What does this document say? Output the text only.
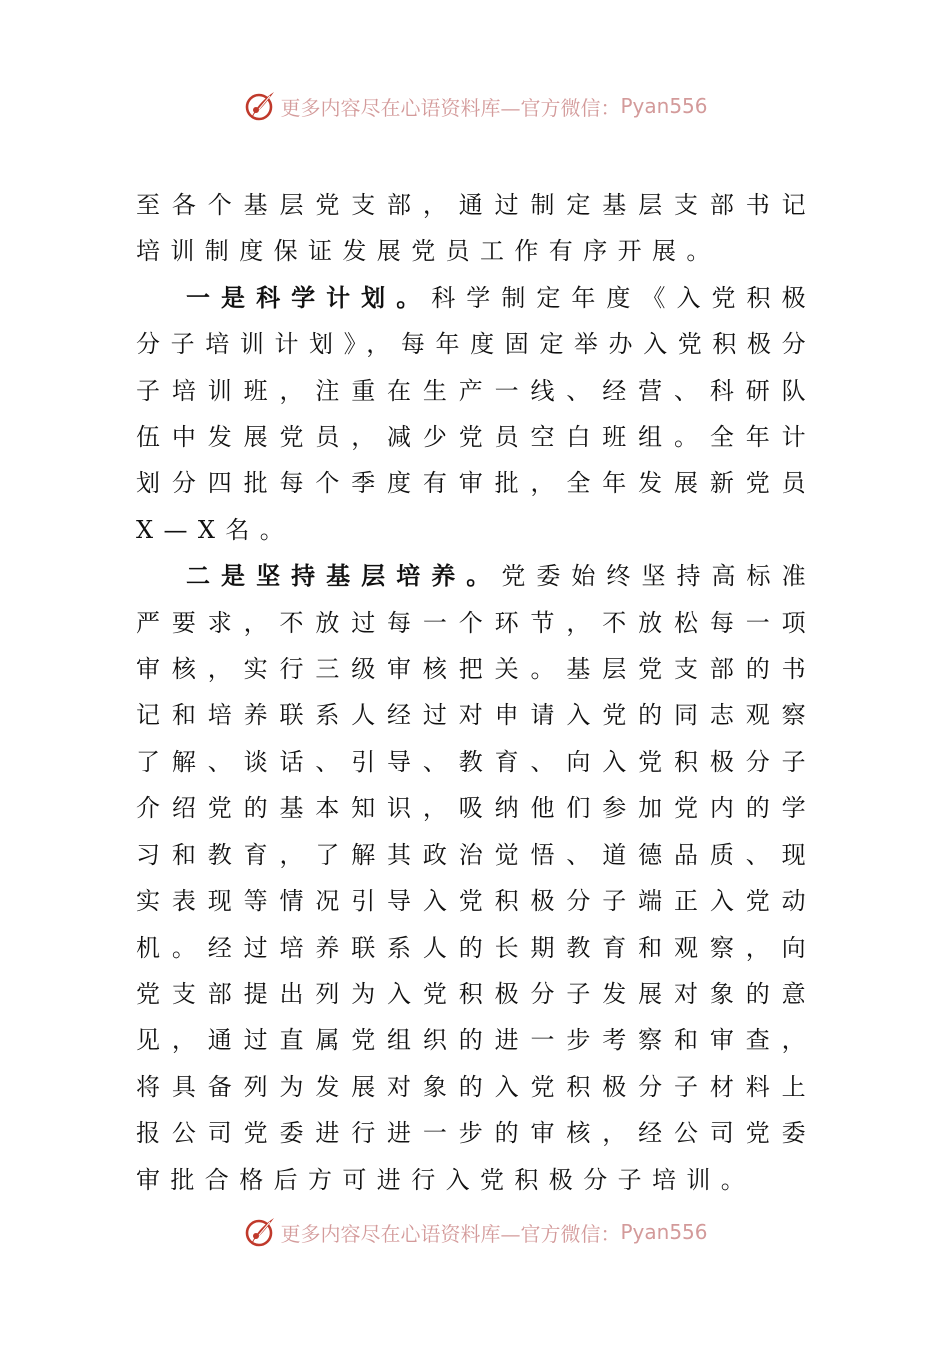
更多内容尽在心语资料库—官方微信： Pyan556

至各个基层党支部，通过制定基层支部书记培训制度保证发展党员工作有序开展。

一是科学计划。科学制定年度《入党积极分子培训计划》，每年度固定举办入党积极分子培训班，注重在生产一线、经营、科研队伍中发展党员，减少党员空白班组。全年计划分四批每个季度有审批，全年发展新党员X—X名。

二是坚持基层培养。党委始终坚持高标准严要求，不放过每一个环节，不放松每一项审核，实行三级审核把关。基层党支部的书记和培养联系人经过对申请入党的同志观察了解、谈话、引导、教育、向入党积极分子介绍党的基本知识，吸纳他们参加党内的学习和教育，了解其政治觉悟、道德品质、现实表现等情况引导入党积极分子端正入党动机。经过培养联系人的长期教育和观察，向党支部提出列为入党积极分子发展对象的意见，通过直属党组织的进一步考察和审查，将具备列为发展对象的入党积极分子材料上报公司党委进行进一步的审核，经公司党委审批合格后方可进行入党积极分子培训。

更多内容尽在心语资料库—官方微信： Pyan556
